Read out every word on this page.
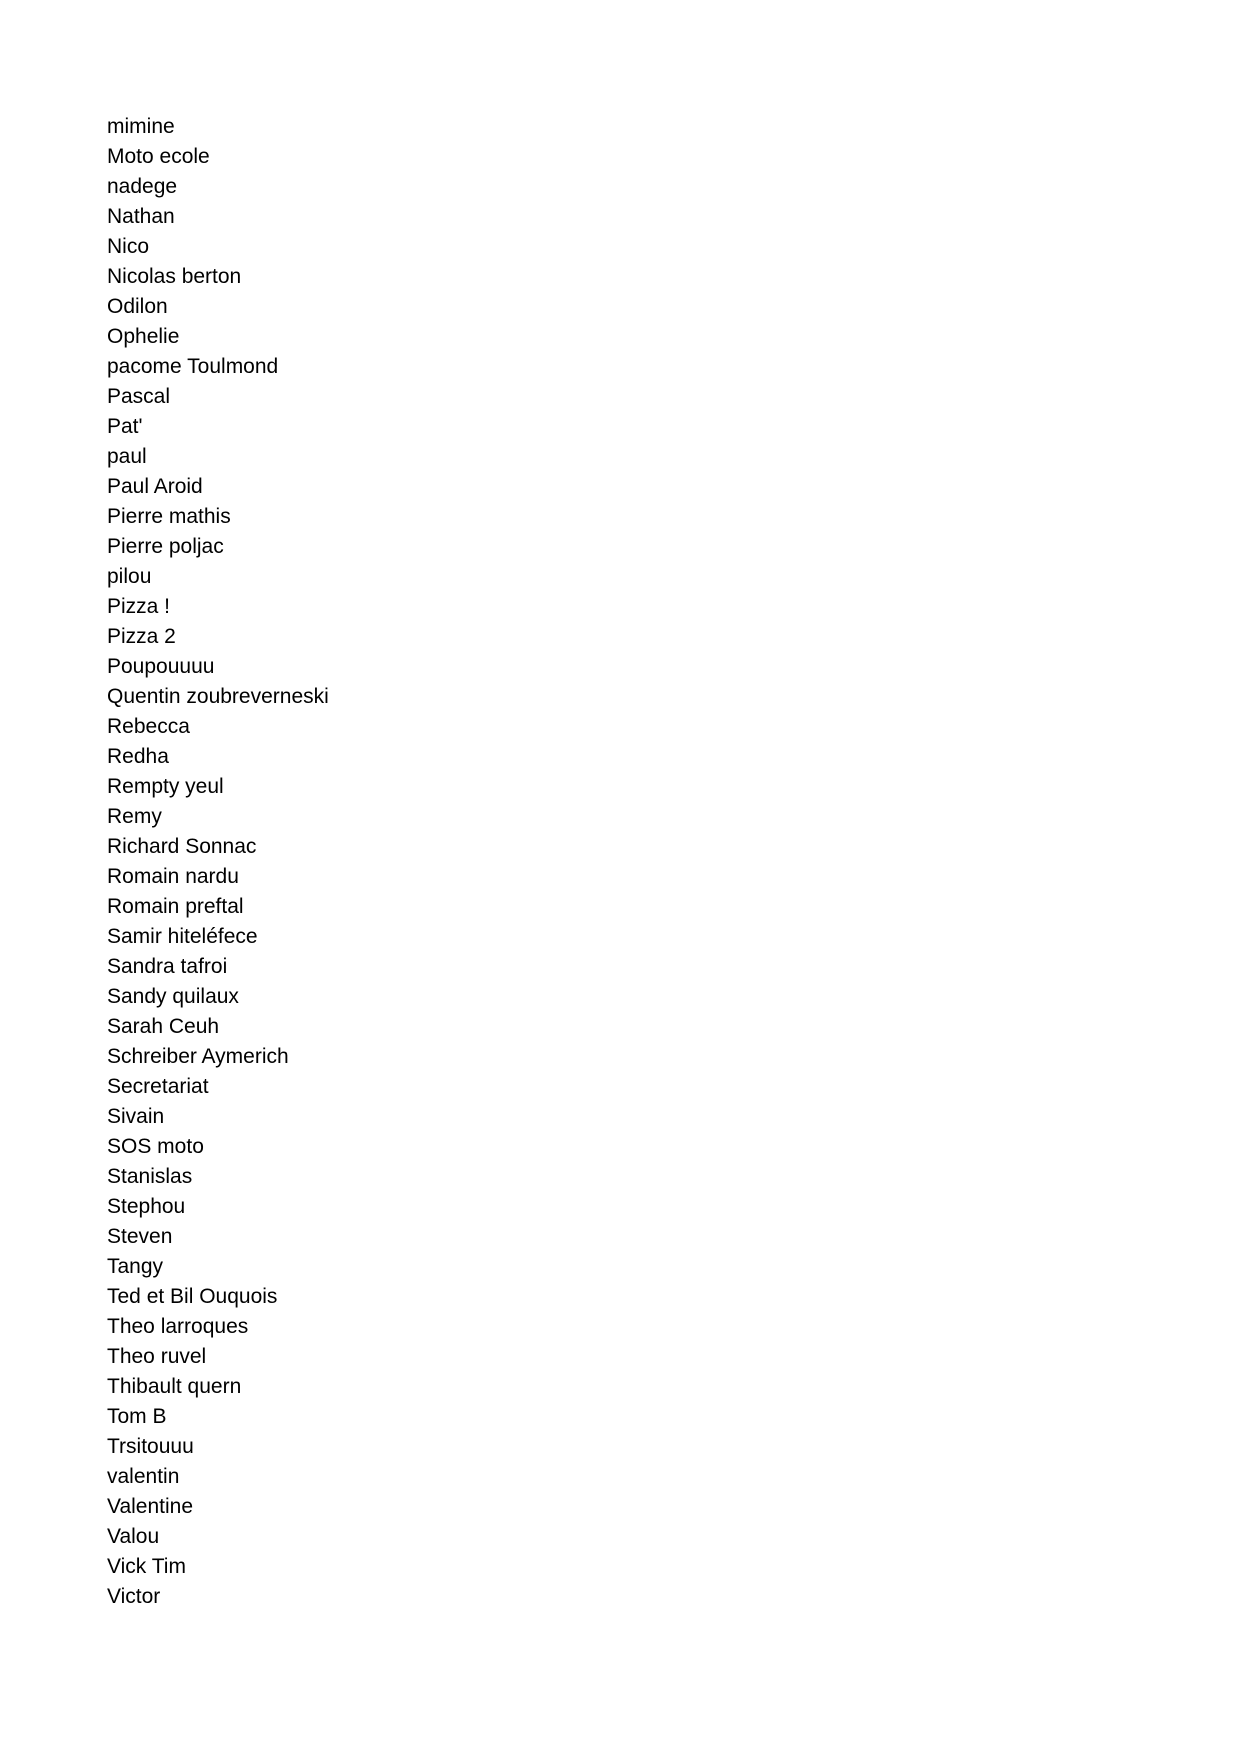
mimine
Moto ecole
nadege
Nathan
Nico
Nicolas berton
Odilon
Ophelie
pacome Toulmond
Pascal
Pat'
paul
Paul Aroid
Pierre mathis
Pierre poljac
pilou
Pizza !
Pizza 2
Poupouuuu
Quentin zoubreverneski
Rebecca
Redha
Rempty yeul
Remy
Richard Sonnac
Romain nardu
Romain preftal
Samir hiteléfece
Sandra tafroi
Sandy quilaux
Sarah Ceuh
Schreiber Aymerich
Secretariat
Sivain
SOS moto
Stanislas
Stephou
Steven
Tangy
Ted et Bil Ouquois
Theo larroques
Theo ruvel
Thibault quern
Tom B
Trsitouuu
valentin
Valentine
Valou
Vick Tim
Victor
